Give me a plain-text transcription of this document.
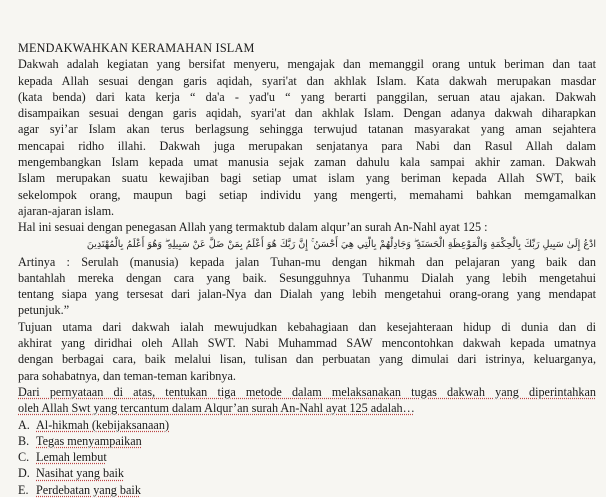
MENDAKWAHKAN KERAMAHAN ISLAM
Dakwah adalah kegiatan yang bersifat menyeru, mengajak dan memanggil orang untuk beriman dan taat
kepada Allah sesuai dengan garis aqidah, syari'at dan akhlak Islam. Kata dakwah merupakan masdar
(kata benda) dari kata kerja “ da'a - yad'u “ yang berarti panggilan, seruan atau ajakan. Dakwah
disampaikan sesuai dengan garis aqidah, syari'at dan akhlak Islam. Dengan adanya dakwah diharapkan
agar syi’ar Islam akan terus berlagsung sehingga terwujud tatanan masyarakat yang aman sejahtera
mencapai ridho illahi. Dakwah juga merupakan senjatanya para Nabi dan Rasul Allah dalam
mengembangkan Islam kepada umat manusia sejak zaman dahulu kala sampai akhir zaman. Dakwah
Islam merupakan suatu kewajiban bagi setiap umat islam yang beriman kepada Allah SWT, baik
sekelompok orang, maupun bagi setiap individu yang mengerti, memahami bahkan memgamalkan
ajaran-ajaran islam.
Hal ini sesuai dengan penegasan Allah yang termaktub dalam alqur’an surah An-Nahl ayat 125 :
ادْعُ إِلَىٰ سَبِيلِ رَبِّكَ بِالْحِكْمَةِ وَالْمَوْعِظَةِ الْحَسَنَةِ ۖ وَجَادِلْهُمْ بِالَّتِي هِيَ أَحْسَنُ ۚ إِنَّ رَبَّكَ هُوَ أَعْلَمُ بِمَنْ ضَلَّ عَنْ سَبِيلِهِ ۖ وَهُوَ أَعْلَمُ بِالْمُهْتَدِينَ
Artinya : Serulah (manusia) kepada jalan Tuhan-mu dengan hikmah dan pelajaran yang baik dan
bantahlah mereka dengan cara yang baik. Sesungguhnya Tuhanmu Dialah yang lebih mengetahui
tentang siapa yang tersesat dari jalan-Nya dan Dialah yang lebih mengetahui orang-orang yang mendapat
petunjuk.”
Tujuan utama dari dakwah ialah mewujudkan kebahagiaan dan kesejahteraan hidup di dunia dan di
akhirat yang diridhai oleh Allah SWT. Nabi Muhammad SAW mencontohkan dakwah kepada umatnya
dengan berbagai cara, baik melalui lisan, tulisan dan perbuatan yang dimulai dari istrinya, keluarganya,
para sohabatnya, dan teman-teman karibnya.
Dari pernyataan di atas, tentukan tiga metode dalam melaksanakan tugas dakwah yang diperintahkan
oleh Allah Swt yang tercantum dalam Alqur’an surah An-Nahl ayat 125 adalah…
A. Al-hikmah (kebijaksanaan)
B. Tegas menyampaikan
C. Lemah lembut
D. Nasihat yang baik
E. Perdebatan yang baik
